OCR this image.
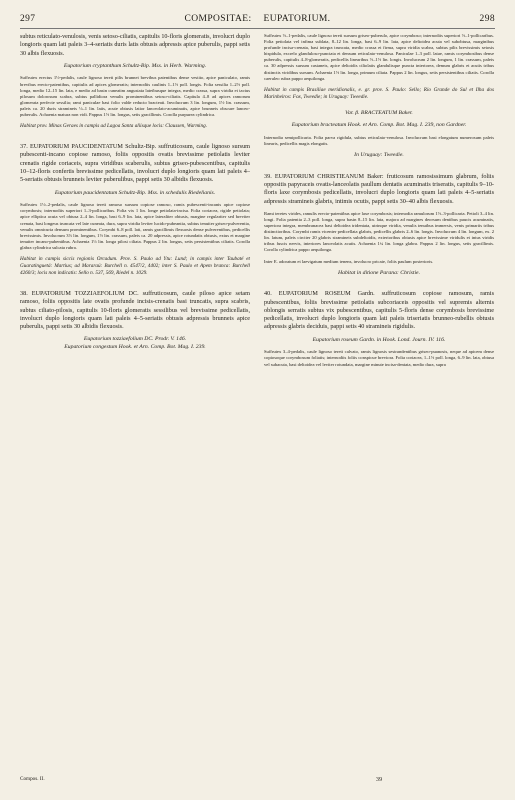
297	COMPOSITAE:	EUPATORIUM.	298

subtus reticulato-venulosis, venis setoso-ciliatis, capitulis 10-floris glomeratis, involucri duplo longioris quam lati paleis 3–4-seriatis duris latis obtusis adpressis apice puberulis, pappi setis 30 albis flexuosis.

Eupatorium cryptanthum Schultz-Bip. Mss. in Herb. Warming.

Suffrutex erectus 1½-pedalis, caule lignoso tereti pilis brunnei brevibus patentibus dense vestito, apice paniculato, ramis brevibus erecto-patentibus, capitulis ad apices glomeratis; internodiis caulinis 1–1½ poll. longis. Folia sessilia 1–2½ poll. longa, medio 12–15 lin. lata, e medio ad basin cuneatim angustata lateibusque integra, medio crassa, supra viridia et tactus pilosum dolorosum scabra, subtus pallidiora venulis prominentibus setoso-ciliatis. Capitula 4–8 ad apices ramorum glomerata perfecte sessilia; rami paniculae basi folio valde reducto bracteati. Involucrum 3 lin. longum, 1½ lin. crassum, paleis ca. 20 duris stramineis ⅓–1 lin. latis, acute obtusis latior lanceolato-acuminatis, apice brunneis obscure lanceo-puberulis. Achaenia matura non vidi. Pappus 1½ lin. longus, setis gracillimis. Corolla purpurea cylindrica.

Habitat prov. Minas Geraes in campis ad Lagoa Santa aliisque locis: Claussen, Warming.

37. EUPATORIUM PAUCIDENTATUM Schultz-Bip. suffruticosum, caule lignoso sursum pubescenti-incano copiose ramoso, foliis oppositis ovatis brevissime petiolatis leviter crenatis rigide coriaceis, supra viridibus scaberulis, subtus griseo-pubescentibus, capitulis 10–12-floris confertis brevissime pedicellatis, involucri duplo longioris quam lati paleis 4–5-seriatis obtusis brunneis leviter puberulibus, pappi setis 30 albidis flexuosis.

Eupatorium paucidentatum Schultz-Bip. Mss. in schedulis Riedelianis.

Suffrutex 1½–2-pedalis, caule lignoso tereti ramoso sursum copiose ramoso, ramis pubescenti-incanis apice copiose corymbosis; internodiis superiori 1–3-pollicaribus. Folia vix 1 lin. longe petiolata-incisa. Folia coriacea, rigide petiolata; apice elliptica acuta vel obtusa 2–4 lin. longa, basi 6–9 lin. lata, apice lateraliter obtusis, margine regulariter sed breviter crenata, basi longeus truncata vel late cuneata, dura, supra viridia leviter lucido-pubeantia, subtus tenuiter griseo-pulverentia, venulis omnicuria densum prominentibus. Corymbi 6–8 poll. lati, ramis gracillimis flexuosis dense pulverentibus, pedicellis brevissimis. Involucrum 3⅓ lin. longum, 1½ lin. crassum, paleis ca. 20 adpressis, apice rotundatis obtusis, extus et margine tenuiter incano-pubentibus. Achaenia 1⅓ lin. longa pilosi ciliata. Pappus 2 lin. longus, setis persistentibus ciliatis. Corolla glabra cylindrica sulcata rubra.

Habitat in campis siccis regionis Orcadum. Prov. S. Paulo ad Ytu: Lund; in campis inter Taubaté et Guaratinguetá: Martius; ad Mararaú: Burchell n. 4547/2, 4402; inter S. Paulo et Apem branca: Burchell 4260/3; locis non indicatis: Sello n. 537, 569, Riedel n. 1029.

38. EUPATORIUM TOZZIAEFOLIUM DC. suffruticosum, caule piloso apice setam ramoso, foliis oppositis late ovatis profunde incisis-crenatis basi truncatis, supra scabris, subtus ciliato-pilosis, capitulis 10-floris glomeratis sessilibus vel brevissime pedicellatis, involucri duplo longioris quam lati paleis 4–5-seriatis obtusis adpressis brunneis apice puberulis, pappi setis 30 albidis flexuosis.

Eupatorium tozziaefolium DC. Prodr. V. 146.

Eupatorium congestum Hook. et Arn. Comp. Bot. Mag. I. 239.

Suffrutex ½–1-pedalis, caule lignoso tereti sursum griseo-puberulo, apice corymboso; internodiis superiori ½–1-pollicaribus. Folia petiolata vel infima sublata, 8–12 lin. longa, basi 6–9 lin. lata, apice deltoidea acuta vel subobtusa, marginibus profunde incisa-crenata, basi integra truncata, medio crassa et firma, supra viridia scabra, subtus pilis brevissimis setosis hispidula, excrelo glanduloso-punctata et densum reticulato-venulosa. Paniculae 1–3 poll. latae, ramis corymbosibus dense puberulis, capitulis 4–8-glomeratis, pedicellis linearibus ½–1½ lin. longis. Involucrum 2 lin. longum, 1 lin. crassum, paleis ca. 30 adpressis sursum castaneis, apice deltoidis ciliolatis glandulisque puncta interiorea, demum glabris et acutis tribus distinctis viridibus sursum. Achaenia 1½ lin. longa, primum ciliata. Pappus 2 lin. longus, setis persistentibus ciliatis. Corolla caeruleo rubra pappo aequilonga.

Habitat in campis Brasiliae meridionalis, e. gr. prov. S. Paulo: Sello; Rio Grande do Sul et Ilha dos Marinheiros: Fox, Tweedie; in Uruguay: Tweedie.

Var. β. BRACTEATUM Baker.

Eupatorium bracteatum Hook. et Arn. Comp. Bot. Mag. I. 239, non Gardner.

Internodia semipollicaria. Folia parva rigidula, subtus reticulato-venulosa. Involucrum basi elongatum numerosum paleis linearis, pedicellis magis elongatis.

In Uruguay: Tweedie.

39. EUPATORIUM CHRISTIEANUM Baker: fruticosum ramosissimum glabrum, foliis oppositis papyraceis ovatis-lanceolatis paullum dentatis acuminatis triseratis, capitulis 9–10-floris laxe corymbosis pedicellatis, involucri duplo longioris quam lati paleis 4–5-seriatis adpressis stramineis glabris, intimis ocutis, pappi setis 30–40 albis flexuosis.

Rami teretes virides, ramulis erecto-patentibus apice laxe corymbosis; internodia ramulorum 1½–3-pollicaria. Petioli 3–4 lin. longi. Folia patentia 2–3 poll. longa, supra basin 8–15 lin. lata, majora ad margines deorsum dentibus paucis acuminatis, superiora integra, membranacea basi deltoidea tridentata, utrinque viridia, venulis tenuibus immersis, venis primariis tribus distinctioribus. Corymbi ramis vicenter pedicellata glabris, pedicellis glabris 2–6 lin. longis. Involucrum 4 lin. longum, ex. 2 lin. latum, paleis circiter 20 glabris stramineis subdeltoidis, exterioribus obtusis apice brevissime viridulis et intus viridis tribus fuscis nervis, interiores lanceolatis acutis. Achaenia 1¼ lin. longa glabra. Pappus 2 lin. longus, setis gracillimis. Corolla cylindrica pappo aequilonga.

Inter E. adoratum et laevigatum medium tenens, involucro pricaie, foliis paulum posterioris.

Habitat in ditione Parana: Christie.

40. EUPATORIUM ROSEUM Gardn. suffruticosum copiose ramosum, ramis pubescentibus, foliis brevissime petiolatis subcoriaceis oppositis vel supremis alternis oblongis serratis subtus vix pubescentibus, capitulis 5-floris dense corymbosis brevissime pedicellatis, involucri duplo longioris quam lati paleis triseriatis brunneo-rubellis obtusis adpressis glabris deciduis, pappi setis 40 stramineis rigidulis.

Eupatorium roseum Gardn. in Hook. Lond. Journ. IV. 116.

Suffrutex 3–4-pedalis, caule lignoso tereti calvato, ramis lignosis sestrandentibus griseo-puanosis, neque ad apicem dense copiosoque corymbosum foliatis; internodiis foliis conspicue breviora. Folia coriacea, 1–1½ poll. longa, 6–9 lin. lata, obtusa vel subacuta, basi deltoidea vel leviter rotundata, margine minute incisa-dentata, medio dura, supra

Compos. II.	39
